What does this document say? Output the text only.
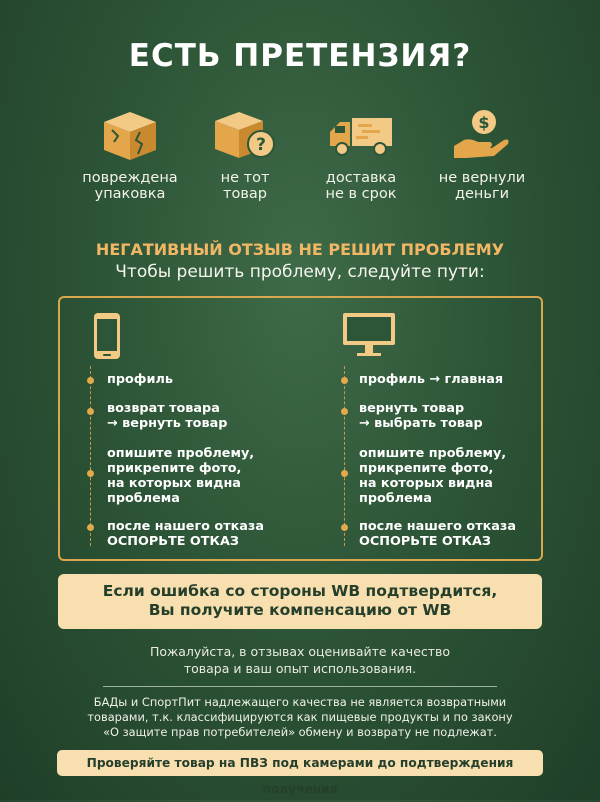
ЕСТЬ ПРЕТЕНЗИЯ?
повреждена
упаковка
?
не тот
товар
доставка
не в срок
$
не вернули
деньги
НЕГАТИВНЫЙ ОТЗЫВ НЕ РЕШИТ ПРОБЛЕМУ
Чтобы решить проблему, следуйте пути:
профиль
возврат товара
→ вернуть товар
опишите проблему,
прикрепите фото,
на которых видна
проблема
после нашего отказа
ОСПОРЬТЕ ОТКАЗ
профиль → главная
вернуть товар
→ выбрать товар
опишите проблему,
прикрепите фото,
на которых видна
проблема
после нашего отказа
ОСПОРЬТЕ ОТКАЗ
Если ошибка со стороны WB подтвердится,
Вы получите компенсацию от WB
Пожалуйста, в отзывах оценивайте качество
товара и ваш опыт использования.
БАДы и СпортПит надлежащего качества не является возвратными
товарами, т.к. классифицируются как пищевые продукты и по закону
«О защите прав потребителей» обмену и возврату не подлежат.
Проверяйте товар на ПВЗ под камерами до подтверждения получения
